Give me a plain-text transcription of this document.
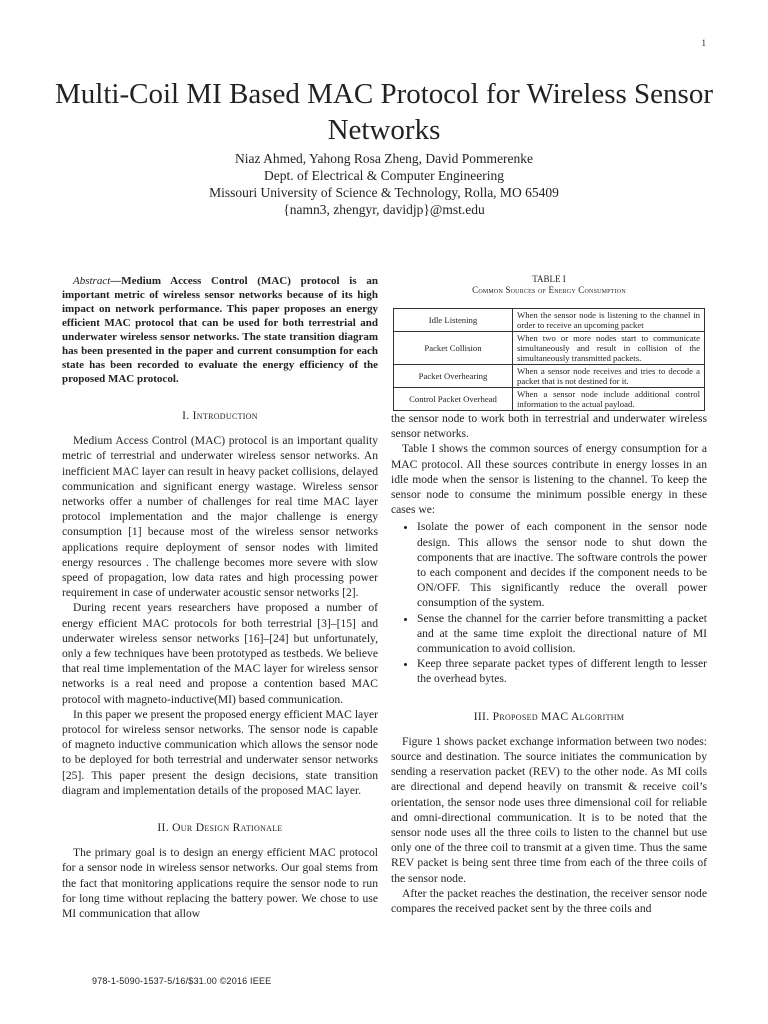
1
Multi-Coil MI Based MAC Protocol for Wireless Sensor Networks
Niaz Ahmed, Yahong Rosa Zheng, David Pommerenke
Dept. of Electrical & Computer Engineering
Missouri University of Science & Technology, Rolla, MO 65409
{namn3, zhengyr, davidjp}@mst.edu

Abstract—Medium Access Control (MAC) protocol is an important metric of wireless sensor networks because of its high impact on network performance. This paper proposes an energy efficient MAC protocol that can be used for both terrestrial and underwater wireless sensor networks. The state transition diagram has been presented in the paper and current consumption for each state has been recorded to evaluate the energy efficiency of the proposed MAC protocol.

I. Introduction

Medium Access Control (MAC) protocol is an important quality metric of terrestrial and underwater wireless sensor networks. An inefficient MAC layer can result in heavy packet collisions, delayed communication and significant energy wastage. Wireless sensor networks offer a number of challenges for real time MAC layer protocol implementation and the major challenge is energy consumption [1] because most of the wireless sensor networks applications require deployment of sensor nodes with limited energy resources . The challenge becomes more severe with slow speed of propagation, low data rates and high processing power requirement in case of underwater acoustic sensor networks [2].

During recent years researchers have proposed a number of energy efficient MAC protocols for both terrestrial [3]–[15] and underwater wireless sensor networks [16]–[24] but unfortunately, only a few techniques have been prototyped as testbeds. We believe that real time implementation of the MAC layer for wireless sensor networks is a real need and propose a contention based MAC protocol with magneto-inductive(MI) based communication.

In this paper we present the proposed energy efficient MAC layer protocol for wireless sensor networks. The sensor node is capable of magneto inductive communication which allows the sensor node to be deployed for both terrestrial and underwater sensor networks [25]. This paper present the design decisions, state transition diagram and implementation details of the proposed MAC layer.

II. Our Design Rationale

The primary goal is to design an energy efficient MAC protocol for a sensor node in wireless sensor networks. Our goal stems from the fact that monitoring applications require the sensor node to run for long time without replacing the battery power. We chose to use MI communication that allow

TABLE I
Common Sources of Energy Consumption
Idle Listening	When the sensor node is listening to the channel in order to receive an upcoming packet
Packet Collision	When two or more nodes start to communicate simultaneously and result in collision of the simultaneously transmitted packets.
Packet Overhearing	When a sensor node receives and tries to decode a packet that is not destined for it.
Control Packet Overhead	When a sensor node include additional control information to the actual payload.

the sensor node to work both in terrestrial and underwater wireless sensor networks.

Table I shows the common sources of energy consumption for a MAC protocol. All these sources contribute in energy losses in an idle mode when the sensor is listening to the channel. To keep the sensor node to consume the minimum possible energy in these cases we:

• Isolate the power of each component in the sensor node design. This allows the sensor node to shut down the components that are inactive. The software controls the power to each component and decides if the component needs to be ON/OFF. This significantly reduce the overall power consumption of the system.
• Sense the channel for the carrier before transmitting a packet and at the same time exploit the directional nature of MI communication to avoid collision.
• Keep three separate packet types of different length to lesser the overhead bytes.
III. Proposed MAC Algorithm

Figure 1 shows packet exchange information between two nodes: source and destination. The source initiates the communication by sending a reservation packet (REV) to the other node. As MI coils are directional and depend heavily on transmit & receive coil’s orientation, the sensor node uses three dimensional coil for reliable and omni-directional communication. It is to be noted that the sensor node uses all the three coils to listen to the channel but use only one of the three coil to transmit at a given time. Thus the same REV packet is being sent three time from each of the three coils of the sensor node.

After the packet reaches the destination, the receiver sensor node compares the received packet sent by the three coils and

978-1-5090-1537-5/16/$31.00 ©2016 IEEE
